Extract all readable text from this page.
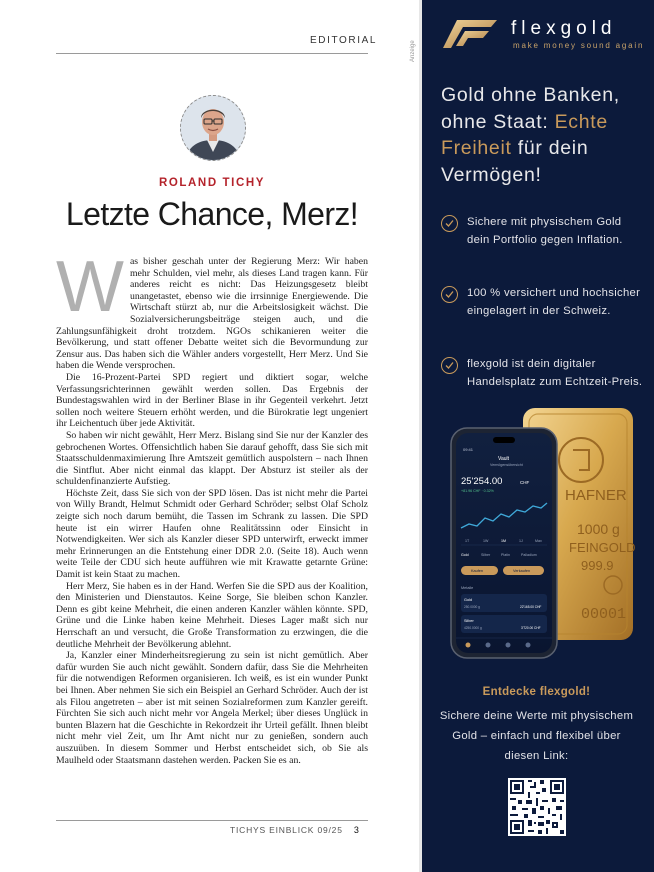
EDITORIAL
ROLAND TICHY
Letzte Chance, Merz!

Was bisher geschah unter der Regierung Merz: Wir haben mehr Schulden, viel mehr, als dieses Land tragen kann. Für anderes reicht es nicht: Das Heizungsgesetz bleibt unangetastet, ebenso wie die irrsinnige Energiewende. Die Wirtschaft stürzt ab, nur die Arbeitslosigkeit wächst. Die Sozialversicherungsbeiträge steigen auch, und die Zahlungsunfähigkeit droht trotzdem. NGOs schikanieren weiter die Bevölkerung, und statt offener Debatte weitet sich die Bevormundung zur Zensur aus. Das haben sich die Wähler anders vorgestellt, Herr Merz. Und Sie haben die Wende versprochen.

Die 16-Prozent-Partei SPD regiert und diktiert sogar, welche Verfassungsrichterinnen gewählt werden sollen. Das Ergebnis der Bundestagswahlen wird in der Berliner Blase in ihr Gegenteil verkehrt. Jetzt sollen noch weitere Steuern erhöht werden, und die Bürokratie legt ungeniert ihr Leichentuch über jede Aktivität.

So haben wir nicht gewählt, Herr Merz. Bislang sind Sie nur der Kanzler des gebrochenen Wortes. Offensichtlich haben Sie darauf gehofft, dass Sie sich mit Staatsschuldenmaximierung Ihre Amtszeit gemütlich auspolstern – nach Ihnen die Sintflut. Aber nicht einmal das klappt. Der Absturz ist steiler als der schuldenfinanzierte Aufstieg.

Höchste Zeit, dass Sie sich von der SPD lösen. Das ist nicht mehr die Partei von Willy Brandt, Helmut Schmidt oder Gerhard Schröder; selbst Olaf Scholz zeigte sich noch darum bemüht, die Tassen im Schrank zu lassen. Die SPD heute ist ein wirrer Haufen ohne Realitätssinn oder Einsicht in Notwendigkeiten. Wer sich als Kanzler dieser SPD unterwirft, erweckt immer mehr Erinnerungen an die Entstehung einer DDR 2.0. (Seite 18). Auch wenn weite Teile der CDU sich heute aufführen wie mit Krawatte getarnte Grüne: Damit ist kein Staat zu machen.

Herr Merz, Sie haben es in der Hand. Werfen Sie die SPD aus der Koalition, den Ministerien und Dienstautos. Keine Sorge, Sie bleiben schon Kanzler. Denn es gibt keine Mehrheit, die einen anderen Kanzler wählen könnte. SPD, Grüne und die Linke haben keine Mehrheit. Dieses Lager maßt sich nur Herrschaft an und versucht, die Große Transformation zu erzwingen, die die deutliche Mehrheit der Bevölkerung ablehnt.

Ja, Kanzler einer Minderheitsregierung zu sein ist nicht gemütlich. Aber dafür wurden Sie auch nicht gewählt. Sondern dafür, dass Sie die Mehrheiten für die notwendigen Reformen organisieren. Ich weiß, es ist ein wunder Punkt bei Ihnen. Aber nehmen Sie sich ein Beispiel an Gerhard Schröder. Auch der ist als Filou angetreten – aber ist mit seinen Sozialreformen zum Kanzler gereift. Fürchten Sie sich auch nicht mehr vor Angela Merkel; über dieses Unglück in bunten Blazern hat die Geschichte in Rekordzeit ihr Urteil gefällt. Ihnen bleibt nicht mehr viel Zeit, um Ihr Amt nicht nur zu genießen, sondern auch auszuüben. In diesem Sommer und Herbst entscheidet sich, ob Sie als Maulheld oder Staatsmann dastehen werden. Packen Sie es an.

TICHYS EINBLICK 09/25 3
Anzeige
flexgold
make money sound again
Gold ohne Banken, ohne Staat: Echte Freiheit für dein Vermögen!
Sichere mit physischem Gold dein Portfolio gegen Inflation.
100 % versichert und hochsicher eingelagert in der Schweiz.
flexgold ist dein digitaler Handelsplatz zum Echtzeit-Preis.
HAFNER
1000 g
FEINGOLD
999.9
00001
09:41
Vault
Vermögensübersicht
25'254.00	CHF
+81.96 CHF · 0.32%
1T	1W	1M	1J	Max
Gold	Silber	Platin	Palladium
Kaufen	Verkaufen
Metalle
Gold
250.0000 g	22'165.00 CHF
Silber
4250.0000 g	3'720.00 CHF
Entdecke flexgold!
Sichere deine Werte mit physischem Gold – einfach und flexibel über diesen Link:
